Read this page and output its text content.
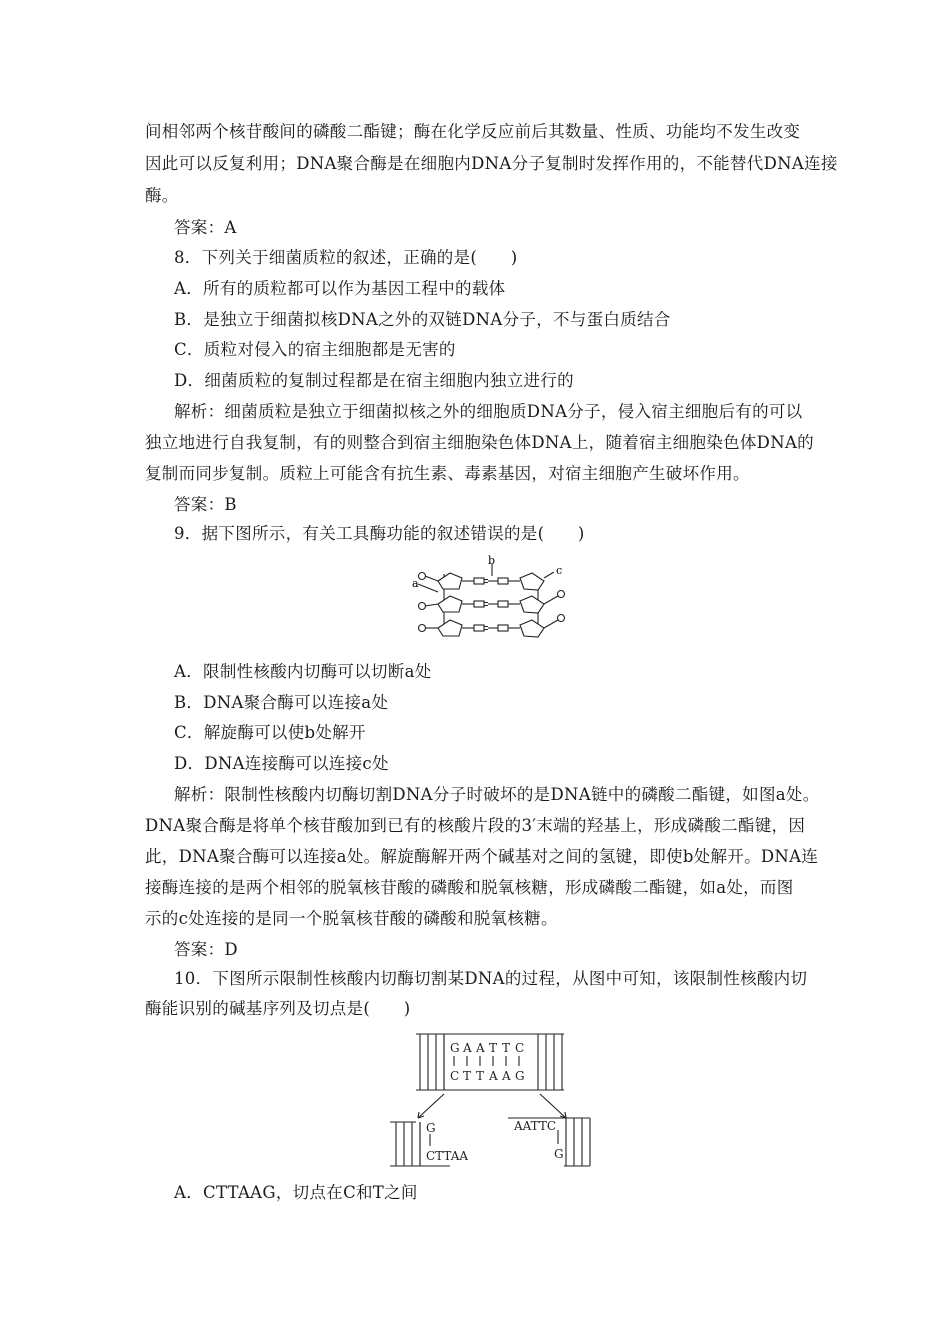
间相邻两个核苷酸间的磷酸二酯键；酶在化学反应前后其数量、性质、功能均不发生改变
因此可以反复利用；DNA聚合酶是在细胞内DNA分子复制时发挥作用的，不能替代DNA连接
酶。
答案：A
8．下列关于细菌质粒的叙述，正确的是(　　)
A．所有的质粒都可以作为基因工程中的载体
B．是独立于细菌拟核DNA之外的双链DNA分子，不与蛋白质结合
C．质粒对侵入的宿主细胞都是无害的
D．细菌质粒的复制过程都是在宿主细胞内独立进行的
解析：细菌质粒是独立于细菌拟核之外的细胞质DNA分子，侵入宿主细胞后有的可以
独立地进行自我复制，有的则整合到宿主细胞染色体DNA上，随着宿主细胞染色体DNA的
复制而同步复制。质粒上可能含有抗生素、毒素基因，对宿主细胞产生破坏作用。
答案：B
9．据下图所示，有关工具酶功能的叙述错误的是(　　)
a
b
c
A．限制性核酸内切酶可以切断a处
B．DNA聚合酶可以连接a处
C．解旋酶可以使b处解开
D．DNA连接酶可以连接c处
解析：限制性核酸内切酶切割DNA分子时破坏的是DNA链中的磷酸二酯键，如图a处。
DNA聚合酶是将单个核苷酸加到已有的核酸片段的3′末端的羟基上，形成磷酸二酯键，因
此，DNA聚合酶可以连接a处。解旋酶解开两个碱基对之间的氢键，即使b处解开。DNA连
接酶连接的是两个相邻的脱氧核苷酸的磷酸和脱氧核糖，形成磷酸二酯键，如a处，而图
示的c处连接的是同一个脱氧核苷酸的磷酸和脱氧核糖。
答案：D
10．下图所示限制性核酸内切酶切割某DNA的过程，从图中可知，该限制性核酸内切
酶能识别的碱基序列及切点是(　　)
G A A T T C
C T T A A G
G
CTTAA
AATTC
G
A．CTTAAG，切点在C和T之间
